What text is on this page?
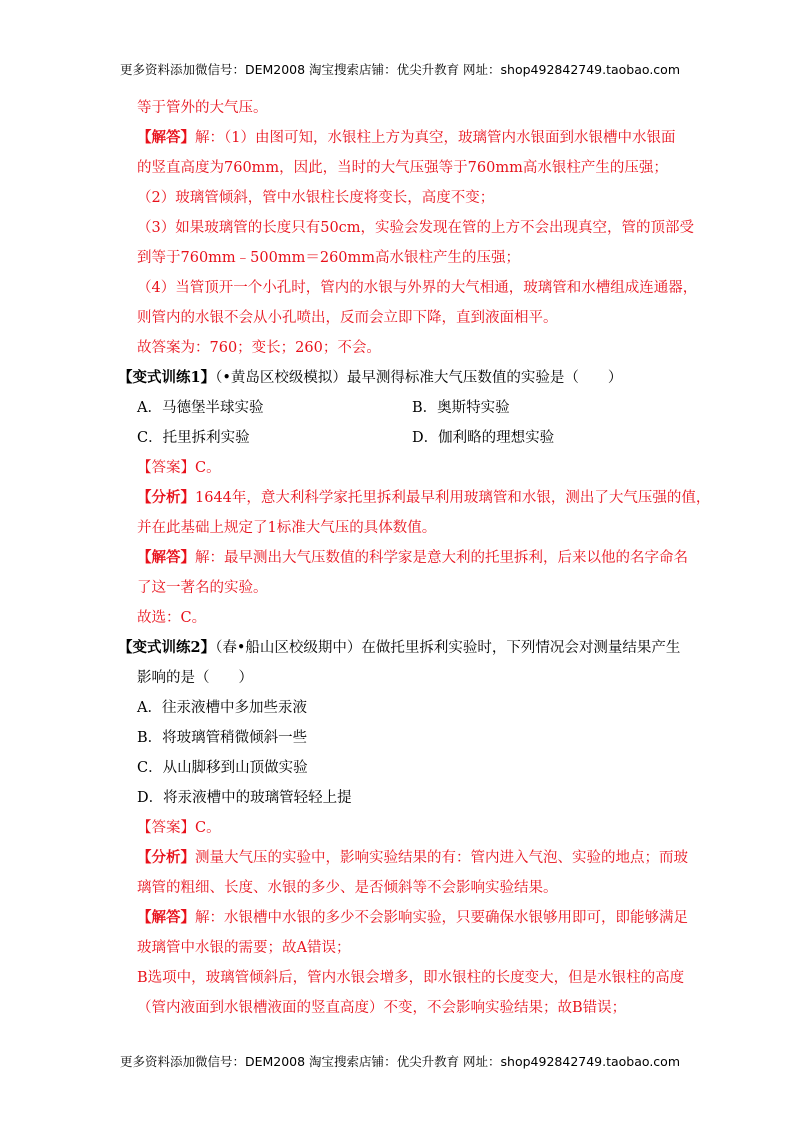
更多资料添加微信号：DEM2008 淘宝搜索店铺：优尖升教育 网址：shop492842749.taobao.com
等于管外的大气压。
【解答】解：（1）由图可知，水银柱上方为真空，玻璃管内水银面到水银槽中水银面
的竖直高度为760mm，因此，当时的大气压强等于760mm高水银柱产生的压强；
（2）玻璃管倾斜，管中水银柱长度将变长，高度不变；
（3）如果玻璃管的长度只有50cm，实验会发现在管的上方不会出现真空，管的顶部受
到等于760mm﹣500mm＝260mm高水银柱产生的压强；
（4）当管顶开一个小孔时，管内的水银与外界的大气相通，玻璃管和水槽组成连通器，
则管内的水银不会从小孔喷出，反而会立即下降，直到液面相平。
故答案为：760；变长；260；不会。
【变式训练1】（•黄岛区校级模拟）最早测得标准大气压数值的实验是（　　）
A．马德堡半球实验	B．奥斯特实验
C．托里拆利实验	D．伽利略的理想实验
【答案】C。
【分析】1644年，意大利科学家托里拆利最早利用玻璃管和水银，测出了大气压强的值，
并在此基础上规定了1标准大气压的具体数值。
【解答】解：最早测出大气压数值的科学家是意大利的托里拆利，后来以他的名字命名
了这一著名的实验。
故选：C。
【变式训练2】（春•船山区校级期中）在做托里拆利实验时，下列情况会对测量结果产生
影响的是（　　）
A．往汞液槽中多加些汞液
B．将玻璃管稍微倾斜一些
C．从山脚移到山顶做实验
D．将汞液槽中的玻璃管轻轻上提
【答案】C。
【分析】测量大气压的实验中，影响实验结果的有：管内进入气泡、实验的地点；而玻
璃管的粗细、长度、水银的多少、是否倾斜等不会影响实验结果。
【解答】解：水银槽中水银的多少不会影响实验，只要确保水银够用即可，即能够满足
玻璃管中水银的需要；故A错误；
B选项中，玻璃管倾斜后，管内水银会增多，即水银柱的长度变大，但是水银柱的高度
（管内液面到水银槽液面的竖直高度）不变，不会影响实验结果；故B错误；
更多资料添加微信号：DEM2008 淘宝搜索店铺：优尖升教育 网址：shop492842749.taobao.com
